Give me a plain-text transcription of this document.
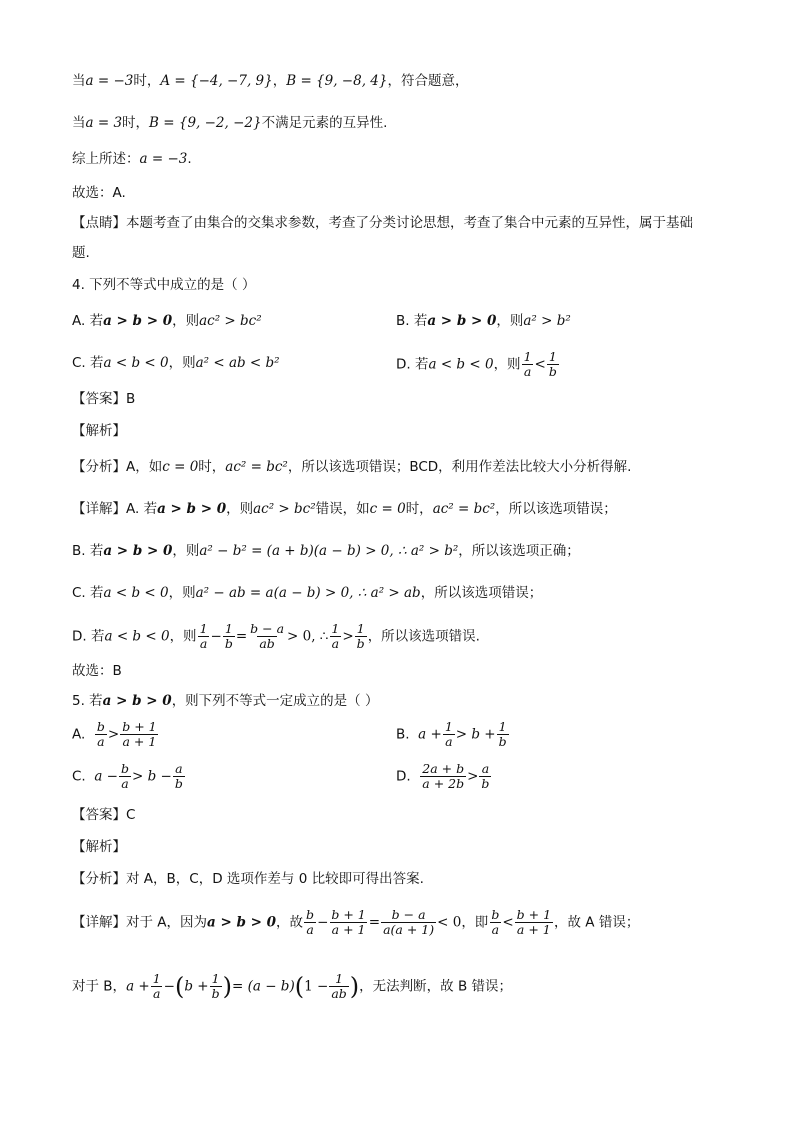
当a = −3时，A = {−4, −7, 9}，B = {9, −8, 4}，符合题意，
当a = 3时，B = {9, −2, −2}不满足元素的互异性.
综上所述：a = −3.
故选：A.
【点睛】本题考查了由集合的交集求参数，考查了分类讨论思想，考查了集合中元素的互异性，属于基础
题.
4. 下列不等式中成立的是（ ）
A. 若a > b > 0，则ac² > bc²	B. 若a > b > 0，则a² > b²
C. 若a < b < 0，则a² < ab < b²	D. 若a < b < 0，则 $\frac{1}{a} < \frac{1}{b}$
【答案】B
【解析】
【分析】A，如c = 0时，ac² = bc²，所以该选项错误；BCD，利用作差法比较大小分析得解.
【详解】A. 若a > b > 0，则ac² > bc²错误，如c = 0时，ac² = bc²，所以该选项错误；
B. 若a > b > 0，则a² − b² = (a + b)(a − b) > 0, ∴ a² > b²，所以该选项正确；
C. 若a < b < 0，则a² − ab = a(a − b) > 0, ∴ a² > ab，所以该选项错误；
D. 若a < b < 0，则 $\frac{1}{a} - \frac{1}{b} = \frac{b - a}{ab} > 0$, ∴ $\frac{1}{a} > \frac{1}{b}$ ，所以该选项错误.
故选：B
5. 若a > b > 0，则下列不等式一定成立的是（ ）
A. $\frac{b}{a} > \frac{b + 1}{a + 1}$	B. $a + \frac{1}{a} > b + \frac{1}{b}$
C. $a - \frac{b}{a} > b - \frac{a}{b}$	D. $\frac{2a + b}{a + 2b} > \frac{a}{b}$
【答案】C
【解析】
【分析】对 A，B，C，D 选项作差与 0 比较即可得出答案.
【详解】对于 A，因为a > b > 0，故 $\frac{b}{a} - \frac{b + 1}{a + 1} = \frac{b - a}{a(a + 1)} < 0$，即 $\frac{b}{a} < \frac{b + 1}{a + 1}$ ，故 A 错误；
对于 B，$a + \frac{1}{a} -(b + \frac{1}{b}$ )= $(a - b)(1 - \frac{1}{ab}$ )，无法判断，故 B 错误；
